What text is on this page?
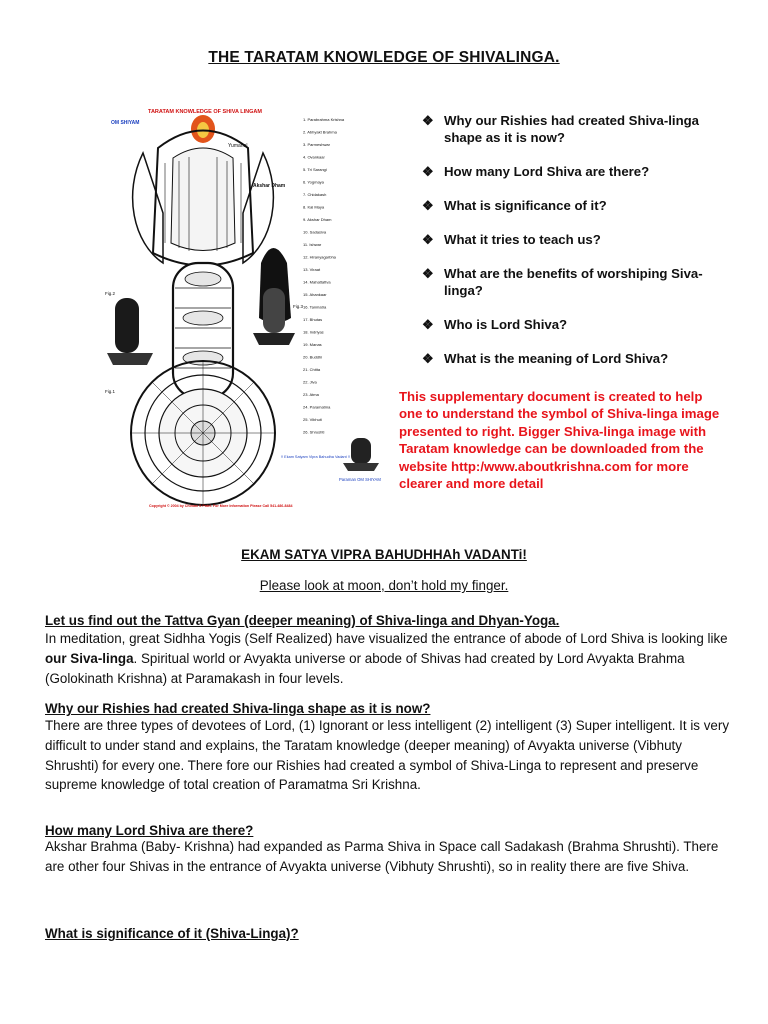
THE TARATAM KNOWLEDGE OF SHIVALINGA.
TARATAM KNOWLEDGE OF SHIVA LINGAM
OM SHIYAM
Yumanal
Akshar Dham
Fig.2
Fig.3
Fig.1
1. Parabrahma Krishna
2. Abhyakt Brahma
3. Parmeshwar
4. Ovankaar
5. Tri Sarangi
6. Yogmaya
7. Chidakash
8. Kal Maya
9. Akshar Dham
10. Sadasiva
11. Ishwar
12. Hiranyagarbha
13. Viraat
14. Mahattattva
15. Ahankaar
16. Tanmatra
17. Bhutas
18. Indriyas
19. Manas
20. Buddhi
21. Chitta
22. Jiva
23. Atma
24. Paramatma
25. Vibhuti
26. Shrushti
Paraman OM SHIYAM
!! Ekam Satyam Vipra Bahudha Vadant !!
Copyright © 2004 by Chiman S Patel. For More Information Please Call 541-486-8484
❖ Why our Rishies had created Shiva-linga shape as it is now?
❖ How many Lord Shiva are there?
❖ What is significance of it?
❖ What it tries to teach us?
❖ What are the benefits of worshiping Siva-linga?
❖ Who is Lord Shiva?
❖ What is the meaning of Lord Shiva?
This supplementary document is created to help one to understand the symbol of Shiva-linga image presented to right. Bigger Shiva-linga image with Taratam knowledge can be downloaded from the website http:/www.aboutkrishna.com for more clearer and more detail
EKAM SATYA VIPRA BAHUDHHAh VADANTi!
Please look at moon, don’t hold my finger.
Let us find out the Tattva Gyan (deeper meaning) of Shiva-linga and Dhyan-Yoga.
In meditation, great Sidhha Yogis (Self Realized) have visualized the entrance of abode of Lord Shiva is looking like our Siva-linga. Spiritual world or Avyakta universe or abode of Shivas had created by Lord Avyakta Brahma (Golokinath Krishna) at Paramakash in four levels.
Why our Rishies had created Shiva-linga shape as it is now?
There are three types of devotees of Lord, (1) Ignorant or less intelligent (2) intelligent (3) Super intelligent. It is very difficult to under stand and explains, the Taratam knowledge (deeper meaning) of Avyakta universe (Vibhuty Shrushti) for every one. There fore our Rishies had created a symbol of Shiva-Linga to represent and preserve supreme knowledge of total creation of Paramatma Sri Krishna.
How many Lord Shiva are there?
Akshar Brahma (Baby- Krishna) had expanded as Parma Shiva in Space call Sadakash (Brahma Shrushti). There are other four Shivas in the entrance of Avyakta universe (Vibhuty Shrushti), so in reality there are five Shiva.
What is significance of it (Shiva-Linga)?
